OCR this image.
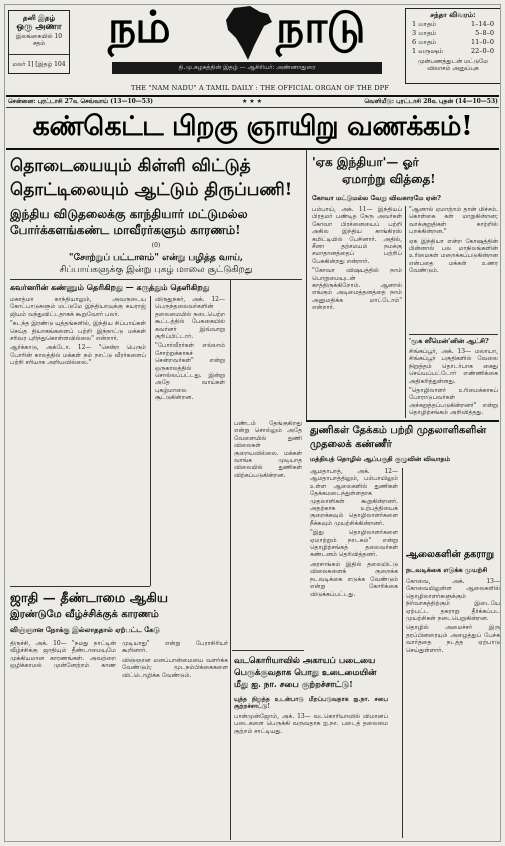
தனி இதழ்
ஒரு அணா
இலங்கையில் 10 சதம்
மலர் 1] [இதழ் 104
நம் நாடு
தி.மு.கழகத்தின் இதழ் — ஆசிரியர்: அண்ணாதுரை
சந்தா விவரம்:
1 மாதம்	1–14–0
3 மாதம்	5–8–0
6 மாதம்	11–0–0
1 வருஷம்	22–0–0
முன்பணத்துடன் மட்டுமே விலாசம் அனுப்புக
THE "NAM NADU" A TAMIL DAILY : THE OFFICIAL ORGAN OF THE DPF
சென்னை: புரட்டாசி 27௳ செவ்வாய் (13—10—53)	★ ★ ★	வெளியீடு: புரட்டாசி 28௳ புதன் (14—10—53)
கண்கெட்ட பிறகு ஞாயிறு வணக்கம்!
தொடையையும் கிள்ளி விட்டுத்
தொட்டிலையும் ஆட்டும் திருப்பணி!
இந்திய விடுதலைக்கு காந்தியார் மட்டுமல்ல
போர்க்களங்கண்ட மாவீரர்களும் காரணம்!
(0)
"சோற்றுப் பட்டாளம்" என்று பழித்த வாய்,
சிப்பாய்களுக்கு இன்று புகழ் மாலை சூட்டுகிறது
கவர்னரின் கண்ணும் தெரிகிறது — கருத்தும் தெளிகிறது

மகாத்மா காந்தியாலும், அவருடைய கோட்பாடுகளும் மட்டுமே இந்தியாவுக்கு சுயராஜ் ஜியம் வந்துவிட்டதாகக் கூறுவோர் பலர்.

"கடந்த இரண்டு யுத்தங்களில், இந்திய சிப்பாய்கள் செய்த தியாகங்களைப் பற்றி இந்நாட்டு மக்கள் சரிவர புரிந்துகொள்ளவில்லை" என்றார்.

ஆர்க்காடு, அக்டோ. 12— "சென்ற பெரும் போரின் காலத்தில் மக்கள் நம் நாட்டு வீரர்களைப் பற்றி சரியாக அறியவில்லை."

விருதுநகர், அக். 12— பெருந்தலைவர்களின் தலைமையில் நடைபெற்ற கூட்டத்தில் பேசுகையில் கவர்னர் இவ்வாறு குறிப்பிட்டார்.

"போர்வீரர்கள் எல்லாம் சோற்றுக்காகச் சென்றவர்கள்" என்று ஒருகாலத்தில் சொல்லப்பட்டது. இன்று அதே வாய்கள் புகழ்மாலை சூட்டுகின்றன.

ஜாதி — தீண்டாமை ஆகிய
இரண்டுமே வீழ்ச்சிக்குக் காரணம்
விஞ்ஞான நோக்கு இல்லாததால் ஏற்பட்ட கேடு

திருச்சி, அக். 10— "நமது நாட்டின் வீழ்ச்சிக்கு ஜாதியும் தீண்டாமையுமே முக்கியமான காரணங்கள். அவற்றை ஒழிக்காமல் முன்னேற்றம் காண முடியாது" என்று பேராசிரியர் கூறினார்.

விஞ்ஞான மனப்பான்மையை வளர்க்க வேண்டும்; மூடநம்பிக்கைகளை விட்டொழிக்க வேண்டும்.

பண்டம் தேங்குகிறது என்று சொல்லும் அதே வேளையில் துணி விலைகள் குறையவில்லை. மக்கள் வாங்க முடியாத விலையில் துணிகள் விற்கப்படுகின்றன.

வடகொரியாவில் அகாயப் படையை
பெருக்குவதாக பொது உடைமையின்
மீது ஐ. நா. சபை குற்றச்சாட்டு!

யுத்த நிறுத்த உடன்பாடு மீறப்படுவதாக ஐ.நா. சபை குற்றச்சாட்டு!

பான்முன்ஜோம், அக். 13— வடகொரியாவில் விமானப் படைகளை பெருக்கி வருவதாக ஐ.நா. படைத் தலைமை குற்றம் சாட்டியது.

'ஏக இந்தியா'— ஓர்
ஏமாற்று வித்தை!
கோவா மட்டுமல்ல வேறு விவகாரமே ஏன்?

பம்பாய், அக். 11— இந்தியப் பிரதமர் பண்டித நேரு அவர்கள் கோவா பிரச்னையைப் பற்றி அகில இந்திய காங்கிரஸ் கமிட்டியில் பேசினார். அதில், சீனா தற்சமயம் நமக்கு சமாதானத்தைப் பற்றிப் பேசுகின்றது என்றார்.

"கோவா விஷயத்தில் நாம் பொறுமையுடன் காத்திருக்கிறோம். ஆனால் எங்கும் அடிமைத்தனத்தை நாம் அனுமதிக்க மாட்டோம்" என்றார்.

"ஆனால் ஏமாற்றம் தான் மிச்சம். கொள்கை கள் மாறுகின்றன; வாக்குறுதிகள் காற்றில் பறக்கின்றன."

ஏக இந்தியா என்ற கோஷத்தின் பின்னால் பல மாநிலங்களின் உரிமைகள் மறைக்கப்படுகின்றன என்பதை மக்கள் உணர வேண்டும்.

'மூக ஸீமென்'னின் ஆட்சி?

சிங்கப்பூர், அக். 13— மலாயா, சிங்கப்பூர் பகுதிகளில் வேலை நிறுத்தம் தொடர்பாக கைது செய்யப்பட்டோர் எண்ணிக்கை அதிகரித்துள்ளது.

"தொழிலாளர் உரிமைக்காகப் போராடுபவர்கள் அச்சுறுத்தப்படுகின்றனர்" என்று தொழிற்சங்கம் அறிவித்தது.

துணிகள் தேக்கம் பற்றி முதலாளிகளின்
முதலைக் கண்ணீர்
மத்தியத் தொழில் ஆப்பகுதி குழுவின் விவாதம்

ஆமதாபாத், அக். 12— ஆமதாபாத்திலும், பம்பாயிலும் உள்ள ஆலைகளில் துணிகள் தேக்கமடைந்துள்ளதாக முதலாளிகள் கூறுகின்றனர். அதற்காக உற்பத்தியைக் குறைக்கவும் தொழிலாளர்களை நீக்கவும் முயற்சிக்கின்றனர்.

"இது தொழிலாளர்களை ஏமாற்றும் நாடகம்" என்று தொழிற்சங்கத் தலைவர்கள் கண்டனம் தெரிவித்தனர்.

அரசாங்கம் இதில் தலையிட்டு விலைகளைக் குறைக்க நடவடிக்கை எடுக்க வேண்டும் என்று கோரிக்கை விடுக்கப்பட்டது.

ஆலைகளின் தகராறு
நடவடிக்கை எடுக்க முயற்சி

கோவை, அக். 13— கோவையிலுள்ள ஆலைகளில் தொழிலாளர்களுக்கும் நிர்வாகத்திற்கும் இடையே ஏற்பட்ட தகராறு தீர்க்கப்பட முயற்சிகள் நடைபெறுகின்றன.

தொழில் அமைச்சர் இரு தரப்பினரையும் அழைத்துப் பேச்சு வார்த்தை நடத்த ஏற்பாடு செய்துள்ளார்.
